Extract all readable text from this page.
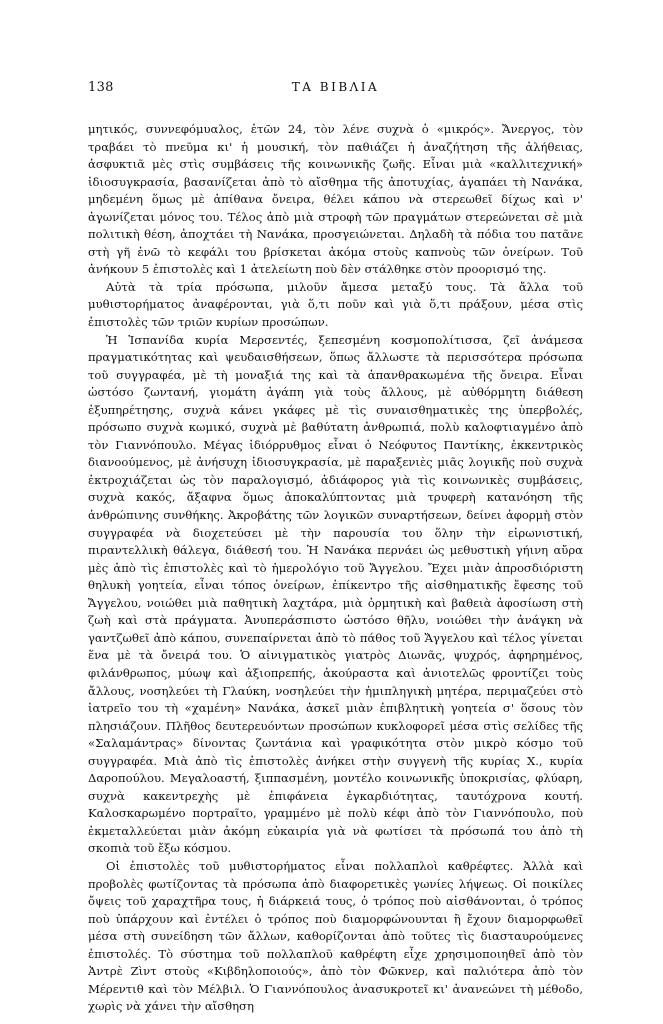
138	ΤΑ ΒΙΒΛΙΑ

μητικός, συννεφόμυαλος, ἐτῶν 24, τὸν λένε συχνὰ ὁ «μικρός». Ἄνεργος, τὸν τραβάει τὸ πνεῦμα κι' ἡ μουσική, τὸν παθιάζει ἡ ἀναζήτηση τῆς ἀλήθειας, ἀσφυκτιᾶ μὲς στὶς συμβάσεις τῆς κοινωνικῆς ζωῆς. Εἶναι μιὰ «καλλιτεχνική» ἰδιοσυγκρασία, βασανίζεται ἀπὸ τὸ αἴσθημα τῆς ἀποτυχίας, ἀγαπάει τὴ Νανάκα, μηδεμένη ὅμως μὲ ἀπίθανα ὄνειρα, θέλει κάπου νὰ στερεωθεῖ δίχως καὶ ν' ἀγωνίζεται μόνος του. Τέλος ἀπὸ μιὰ στροφὴ τῶν πραγμάτων στερεώνεται σὲ μιὰ πολιτικὴ θέση, ἀποχτάει τὴ Νανάκα, προσγειώνεται. Δηλαδὴ τὰ πόδια του πατᾶνε στὴ γῆ ἐνῶ τὸ κεφάλι του βρίσκεται ἀκόμα στοὺς καπνοὺς τῶν ὀνείρων. Τοῦ ἀνήκουν 5 ἐπιστολὲς καὶ 1 ἀτελείωτη ποὺ δὲν στάλθηκε στὸν προορισμό της.

Αὐτὰ τὰ τρία πρόσωπα, μιλοῦν ἄμεσα μεταξύ τους. Τὰ ἄλλα τοῦ μυθιστορήματος ἀναφέρονται, γιὰ ὅ,τι ποῦν καὶ γιὰ ὅ,τι πράξουν, μέσα στὶς ἐπιστολὲς τῶν τριῶν κυρίων προσώπων.

Ἡ Ἱσπανίδα κυρία Μερσεντές, ξεπεσμένη κοσμοπολίτισσα, ζεῖ ἀνάμεσα πραγματικότητας καὶ ψευδαισθήσεων, ὅπως ἄλλωστε τὰ περισσότερα πρόσωπα τοῦ συγγραφέα, μὲ τὴ μοναξιά της καὶ τὰ ἀπανθρακωμένα τῆς ὄνειρα. Εἶναι ὡστόσο ζωντανή, γιομάτη ἀγάπη γιὰ τοὺς ἄλλους, μὲ αὐθόρμητη διάθεση ἐξυπηρέτησης, συχνὰ κάνει γκάφες μὲ τὶς συναισθηματικὲς της ὑπερβολές, πρόσωπο συχνὰ κωμικό, συχνὰ μὲ βαθύτατη ἀνθρωπιά, πολὺ καλοφτιαγμένο ἀπὸ τὸν Γιαννόπουλο. Μέγας ἰδιόρρυθμος εἶναι ὁ Νεόφυτος Παντίκης, ἐκκεντρικὸς διανοούμενος, μὲ ἀνήσυχη ἰδιοσυγκρασία, μὲ παραξενιὲς μιᾶς λογικῆς ποὺ συχνὰ ἐκτροχιάζεται ὡς τὸν παραλογισμό, ἀδιάφορος γιὰ τὶς κοινωνικὲς συμβάσεις, συχνὰ κακός, ἄξαφνα ὅμως ἀποκαλύπτοντας μιὰ τρυφερὴ κατανόηση τῆς ἀνθρώπινης συνθήκης. Ἀκροβάτης τῶν λογικῶν συναρτήσεων, δείνει ἀφορμὴ στὸν συγγραφέα νὰ διοχετεύσει μὲ τὴν παρουσία του ὅλην τὴν εἰρωνιστική, πιραντελλικὴ θάλεγα, διάθεσή του. Ἡ Νανάκα περνάει ὡς μεθυστικὴ γήινη αὔρα μὲς ἀπὸ τὶς ἐπιστολὲς καὶ τὸ ἡμερολόγιο τοῦ Ἄγγελου. Ἔχει μιὰν ἀπροσδιόριστη θηλυκὴ γοητεία, εἶναι τόπος ὀνείρων, ἐπίκεντρο τῆς αἰσθηματικῆς ἔφεσης τοῦ Ἄγγελου, νοιώθει μιὰ παθητικὴ λαχτάρα, μιὰ ὁρμητικὴ καὶ βαθειὰ ἀφοσίωση στὴ ζωὴ καὶ στὰ πράγματα. Ἀνυπεράσπιστο ὡστόσο θῆλυ, νοιώθει τὴν ἀνάγκη νὰ γαντζωθεῖ ἀπὸ κάπου, συνεπαίρνεται ἀπὸ τὸ πάθος τοῦ Ἄγγελου καὶ τέλος γίνεται ἕνα μὲ τὰ ὄνειρά του. Ὁ αἰνιγματικὸς γιατρὸς Διωνᾶς, ψυχρός, ἀφηρημένος, φιλάνθρωπος, μύωψ καὶ ἀξιοπρεπής, ἀκούραστα καὶ ἀνιοτελῶς φροντίζει τοὺς ἄλλους, νοσηλεύει τὴ Γλαύκη, νοσηλεύει τὴν ἡμιπληγικὴ μητέρα, περιμαζεύει στὸ ἰατρεῖο του τὴ «χαμένη» Νανάκα, ἀσκεῖ μιὰν ἐπιβλητικὴ γοητεία σ' ὅσους τὸν πλησιάζουν. Πλῆθος δευτερευόντων προσώπων κυκλοφορεῖ μέσα στὶς σελίδες τῆς «Σαλαμάντρας» δίνοντας ζωντάνια καὶ γραφικότητα στὸν μικρὸ κόσμο τοῦ συγγραφέα. Μιὰ ἀπὸ τὶς ἐπιστολὲς ἀνήκει στὴν συγγενὴ τῆς κυρίας Χ., κυρία Δαροπούλου. Μεγαλοαστή, ξιππασμένη, μοντέλο κοινωνικῆς ὑποκρισίας, φλύαρη, συχνὰ κακεντρεχὴς μὲ ἐπιφάνεια ἐγκαρδιότητας, ταυτόχρονα κουτή. Καλοσκαρωμένο πορτραῖτο, γραμμένο μὲ πολὺ κέφι ἀπὸ τὸν Γιαννόπουλο, ποὺ ἐκμεταλλεύεται μιὰν ἀκόμη εὐκαιρία γιὰ νὰ φωτίσει τὰ πρόσωπά του ἀπὸ τὴ σκοπιὰ τοῦ ἔξω κόσμου.

Οἱ ἐπιστολὲς τοῦ μυθιστορήματος εἶναι πολλαπλοὶ καθρέφτες. Ἀλλὰ καὶ προβολὲς φωτίζοντας τὰ πρόσωπα ἀπὸ διαφορετικὲς γωνίες λήψεως. Οἱ ποικίλες ὄψεις τοῦ χαραχτῆρα τους, ἡ διάρκειά τους, ὁ τρόπος ποὺ αἰσθάνονται, ὁ τρόπος ποὺ ὑπάρχουν καὶ ἐντέλει ὁ τρόπος ποὺ διαμορφώνουνται ἢ ἔχουν διαμορφωθεῖ μέσα στὴ συνείδηση τῶν ἄλλων, καθορίζονται ἀπὸ τοῦτες τὶς διασταυρούμενες ἐπιστολές. Τὸ σύστημα τοῦ πολλαπλοῦ καθρέφτη εἶχε χρησιμοποιηθεῖ ἀπὸ τὸν Ἀντρὲ Ζὶντ στοὺς «Κιβδηλοποιούς», ἀπὸ τὸν Φῶκνερ, καὶ παλιότερα ἀπὸ τὸν Μέρεντιθ καὶ τὸν Μέλβιλ. Ὁ Γιαννόπουλος ἀνασυκροτεῖ κι' ἀνανεώνει τὴ μέθοδο, χωρὶς νὰ χάνει τὴν αἴσθηση
